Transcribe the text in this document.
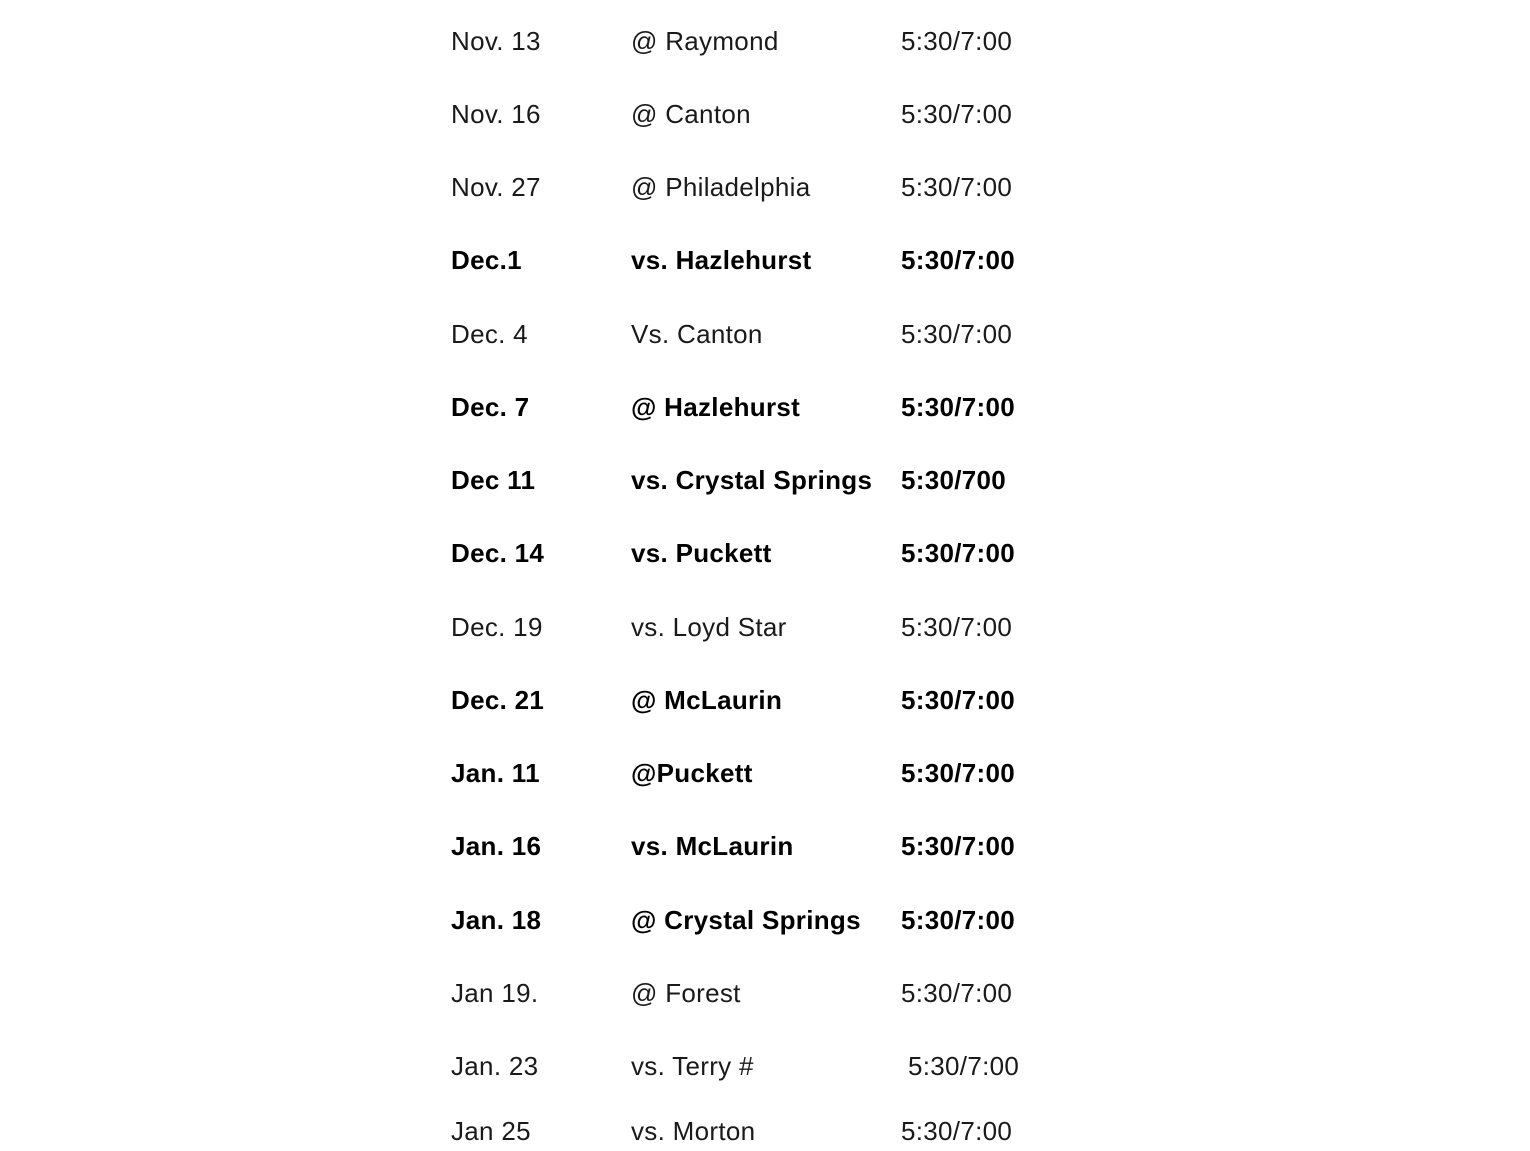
Nov. 13	@ Raymond	5:30/7:00
Nov. 16	@ Canton	5:30/7:00
Nov. 27	@ Philadelphia	5:30/7:00
Dec.1	vs. Hazlehurst	5:30/7:00
Dec. 4	Vs. Canton	5:30/7:00
Dec. 7	@ Hazlehurst	5:30/7:00
Dec 11	vs. Crystal Springs 5:30/700
Dec. 14	vs. Puckett	5:30/7:00
Dec. 19	vs. Loyd Star	5:30/7:00
Dec. 21	@ McLaurin	5:30/7:00
Jan. 11	@Puckett	5:30/7:00
Jan. 16	vs. McLaurin	5:30/7:00
Jan. 18	@ Crystal Springs 5:30/7:00
Jan 19.	@ Forest	5:30/7:00
Jan. 23	vs. Terry #	5:30/7:00
Jan 25	vs. Morton	5:30/7:00
